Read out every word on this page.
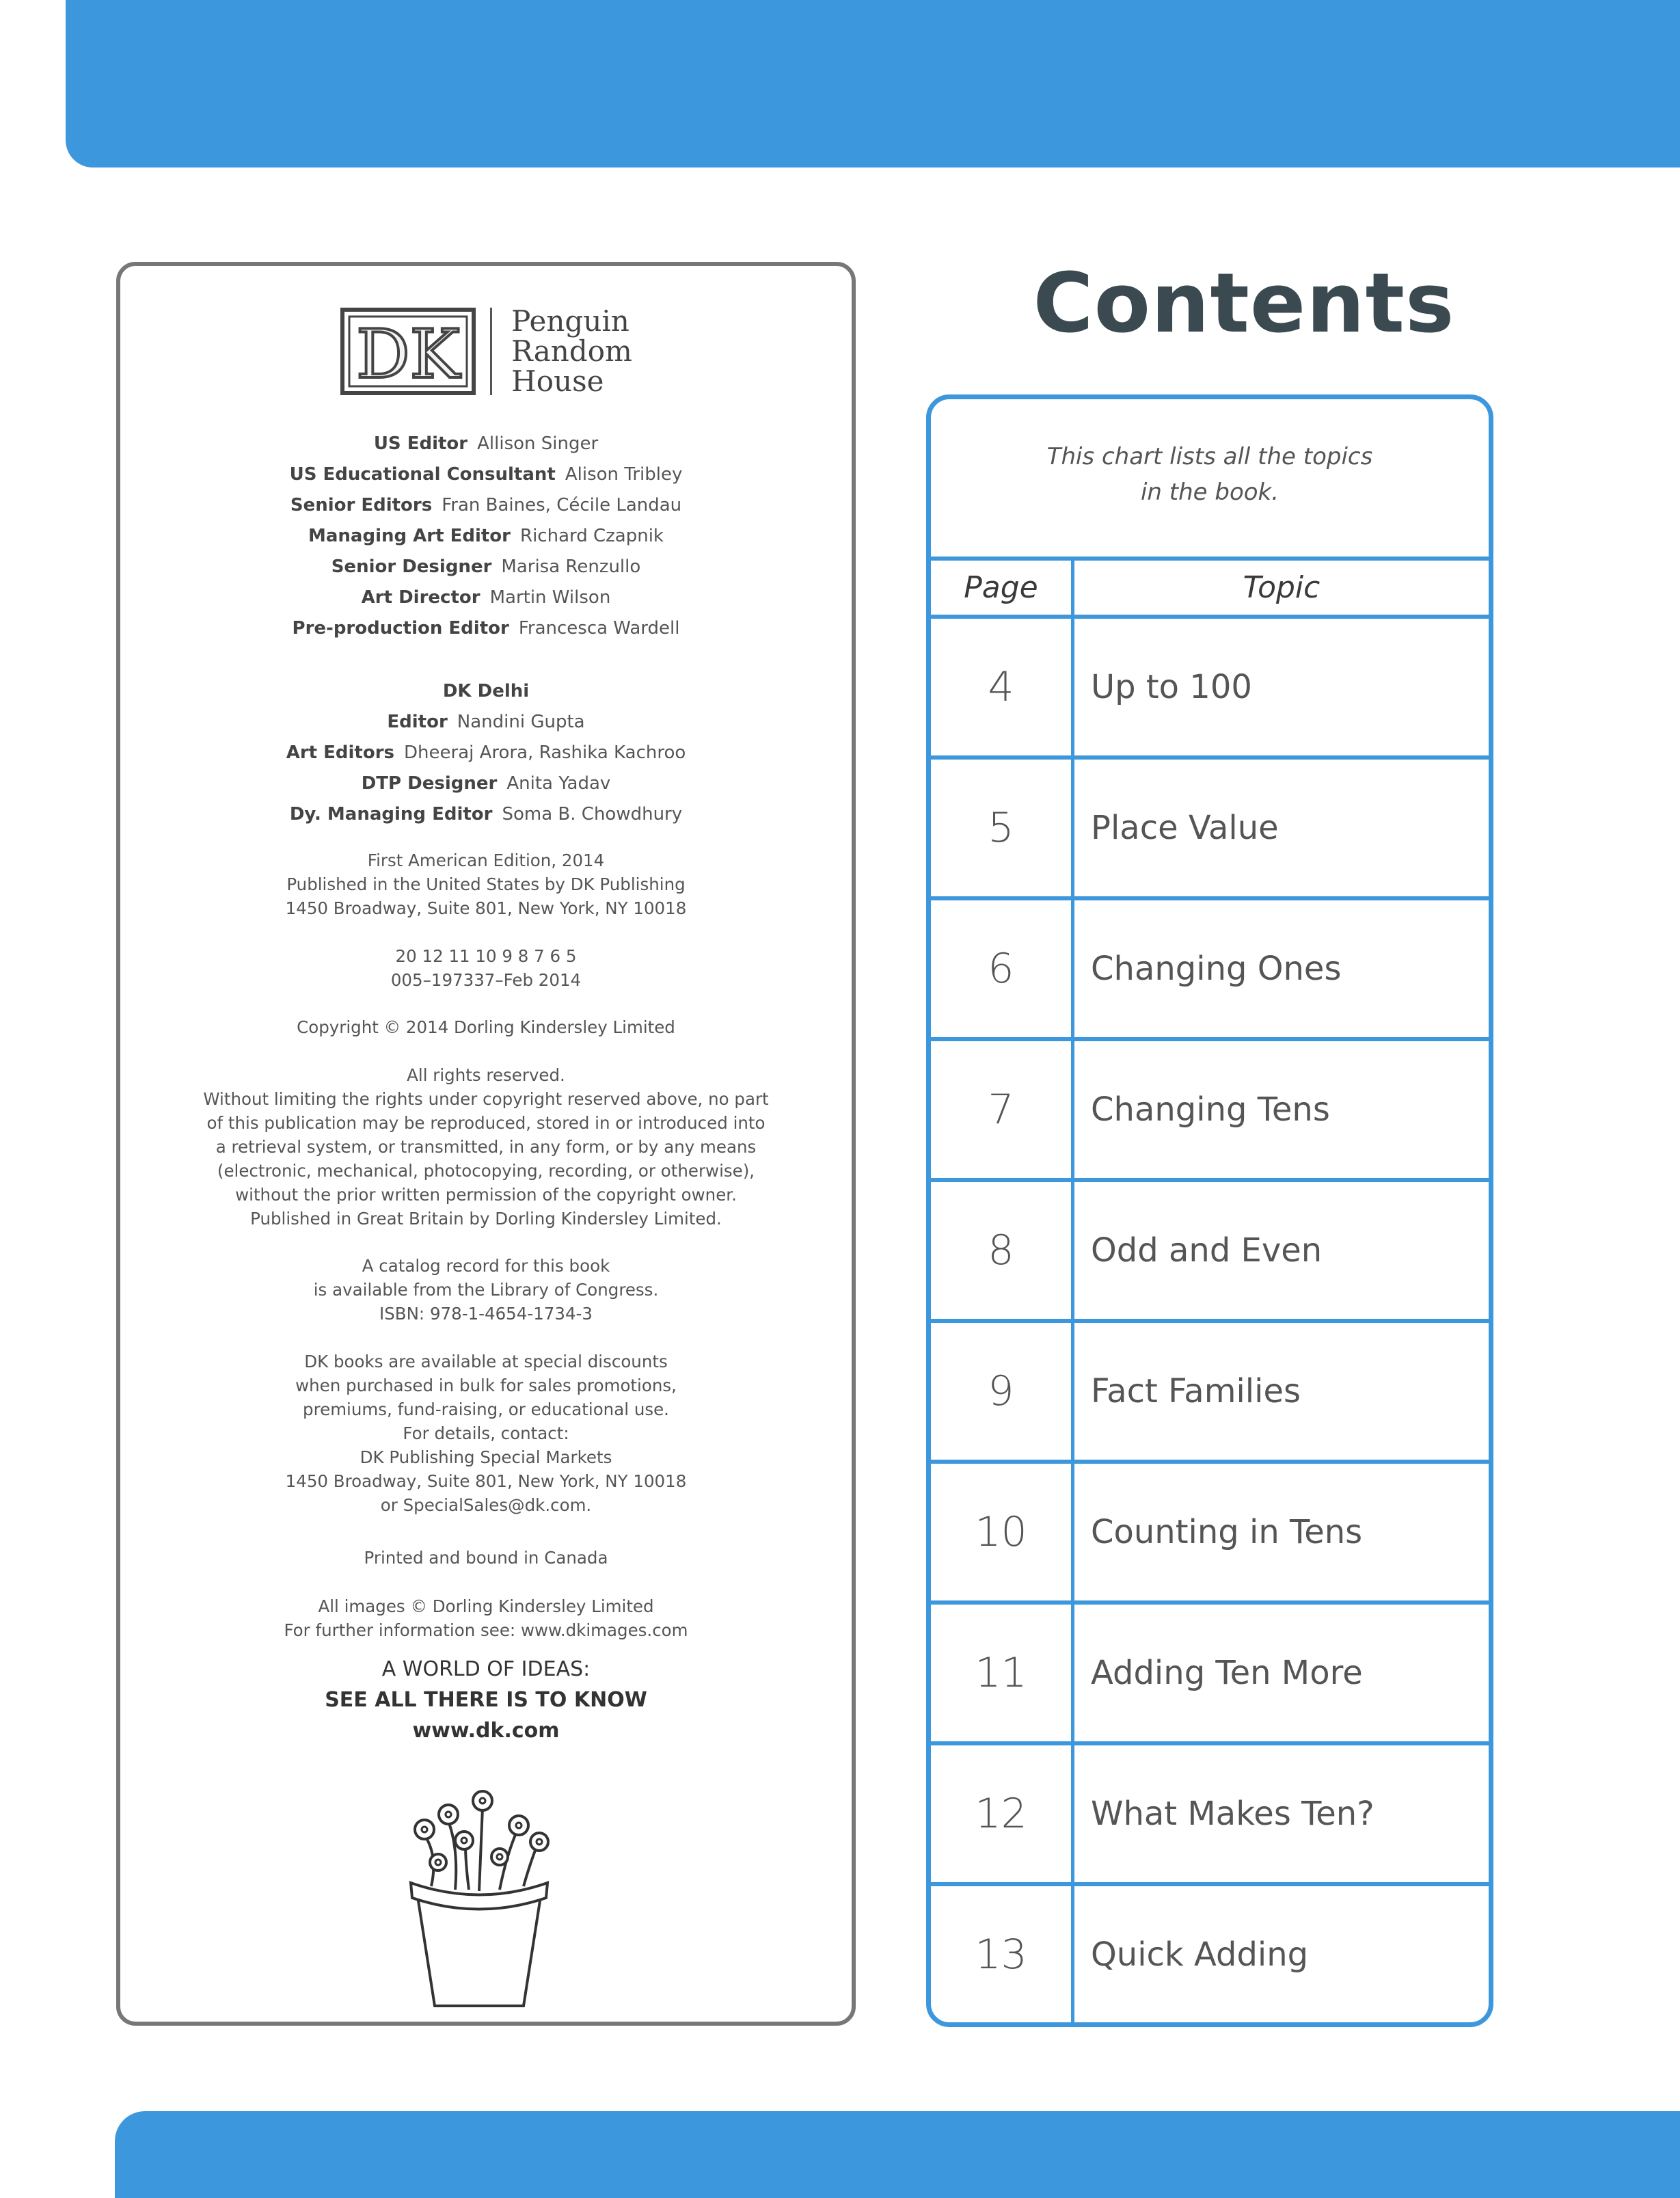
DK Penguin
Random
House
US Editor Allison Singer
US Educational Consultant Alison Tribley
Senior Editors Fran Baines, Cécile Landau
Managing Art Editor Richard Czapnik
Senior Designer Marisa Renzullo
Art Director Martin Wilson
Pre-production Editor Francesca Wardell
DK Delhi
Editor Nandini Gupta
Art Editors Dheeraj Arora, Rashika Kachroo
DTP Designer Anita Yadav
Dy. Managing Editor Soma B. Chowdhury
First American Edition, 2014
Published in the United States by DK Publishing
1450 Broadway, Suite 801, New York, NY 10018
20 12 11 10 9 8 7 6 5
005–197337–Feb 2014
Copyright © 2014 Dorling Kindersley Limited
All rights reserved.
Without limiting the rights under copyright reserved above, no part
of this publication may be reproduced, stored in or introduced into
a retrieval system, or transmitted, in any form, or by any means
(electronic, mechanical, photocopying, recording, or otherwise),
without the prior written permission of the copyright owner.
Published in Great Britain by Dorling Kindersley Limited.
A catalog record for this book
is available from the Library of Congress.
ISBN: 978-1-4654-1734-3
DK books are available at special discounts
when purchased in bulk for sales promotions,
premiums, fund-raising, or educational use.
For details, contact:
DK Publishing Special Markets
1450 Broadway, Suite 801, New York, NY 10018
or SpecialSales@dk.com.
Printed and bound in Canada
All images © Dorling Kindersley Limited
For further information see: www.dkimages.com
A WORLD OF IDEAS:
SEE ALL THERE IS TO KNOW
www.dk.com
Contents
This chart lists all the topics
in the book.
Page	Topic
4	Up to 100
5	Place Value
6	Changing Ones
7	Changing Tens
8	Odd and Even
9	Fact Families
10	Counting in Tens
11	Adding Ten More
12	What Makes Ten?
13	Quick Adding
